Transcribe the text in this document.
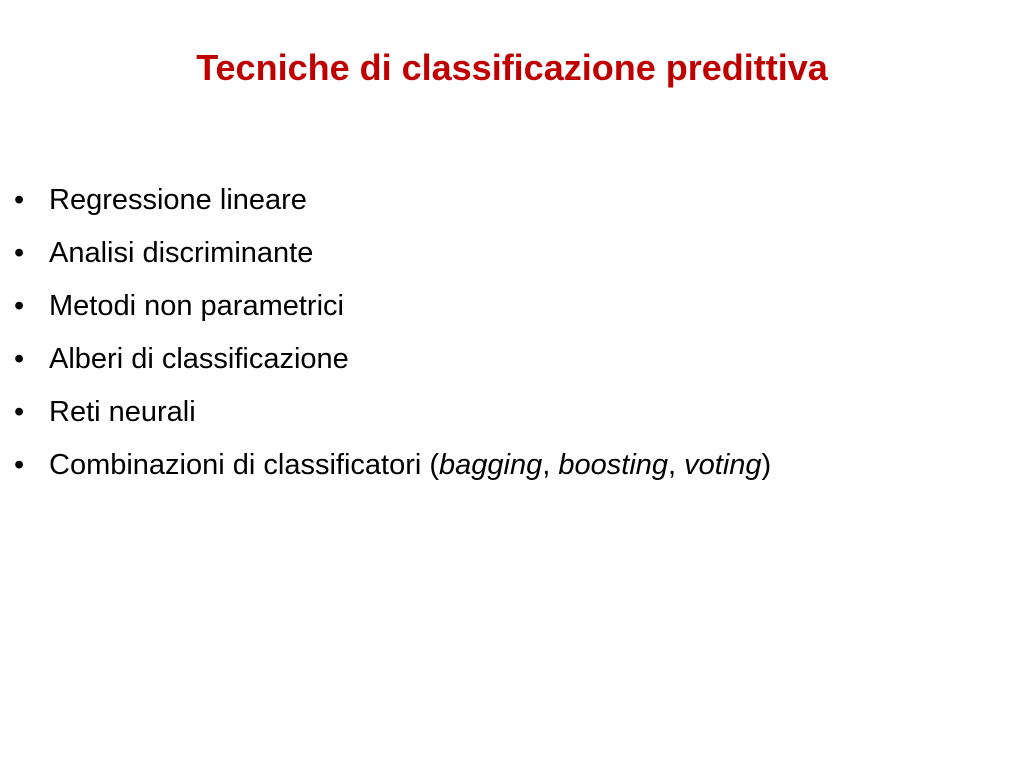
Tecniche di classificazione predittiva
• Regressione lineare
• Analisi discriminante
• Metodi non parametrici
• Alberi di classificazione
• Reti neurali
• Combinazioni di classificatori (bagging, boosting, voting)
